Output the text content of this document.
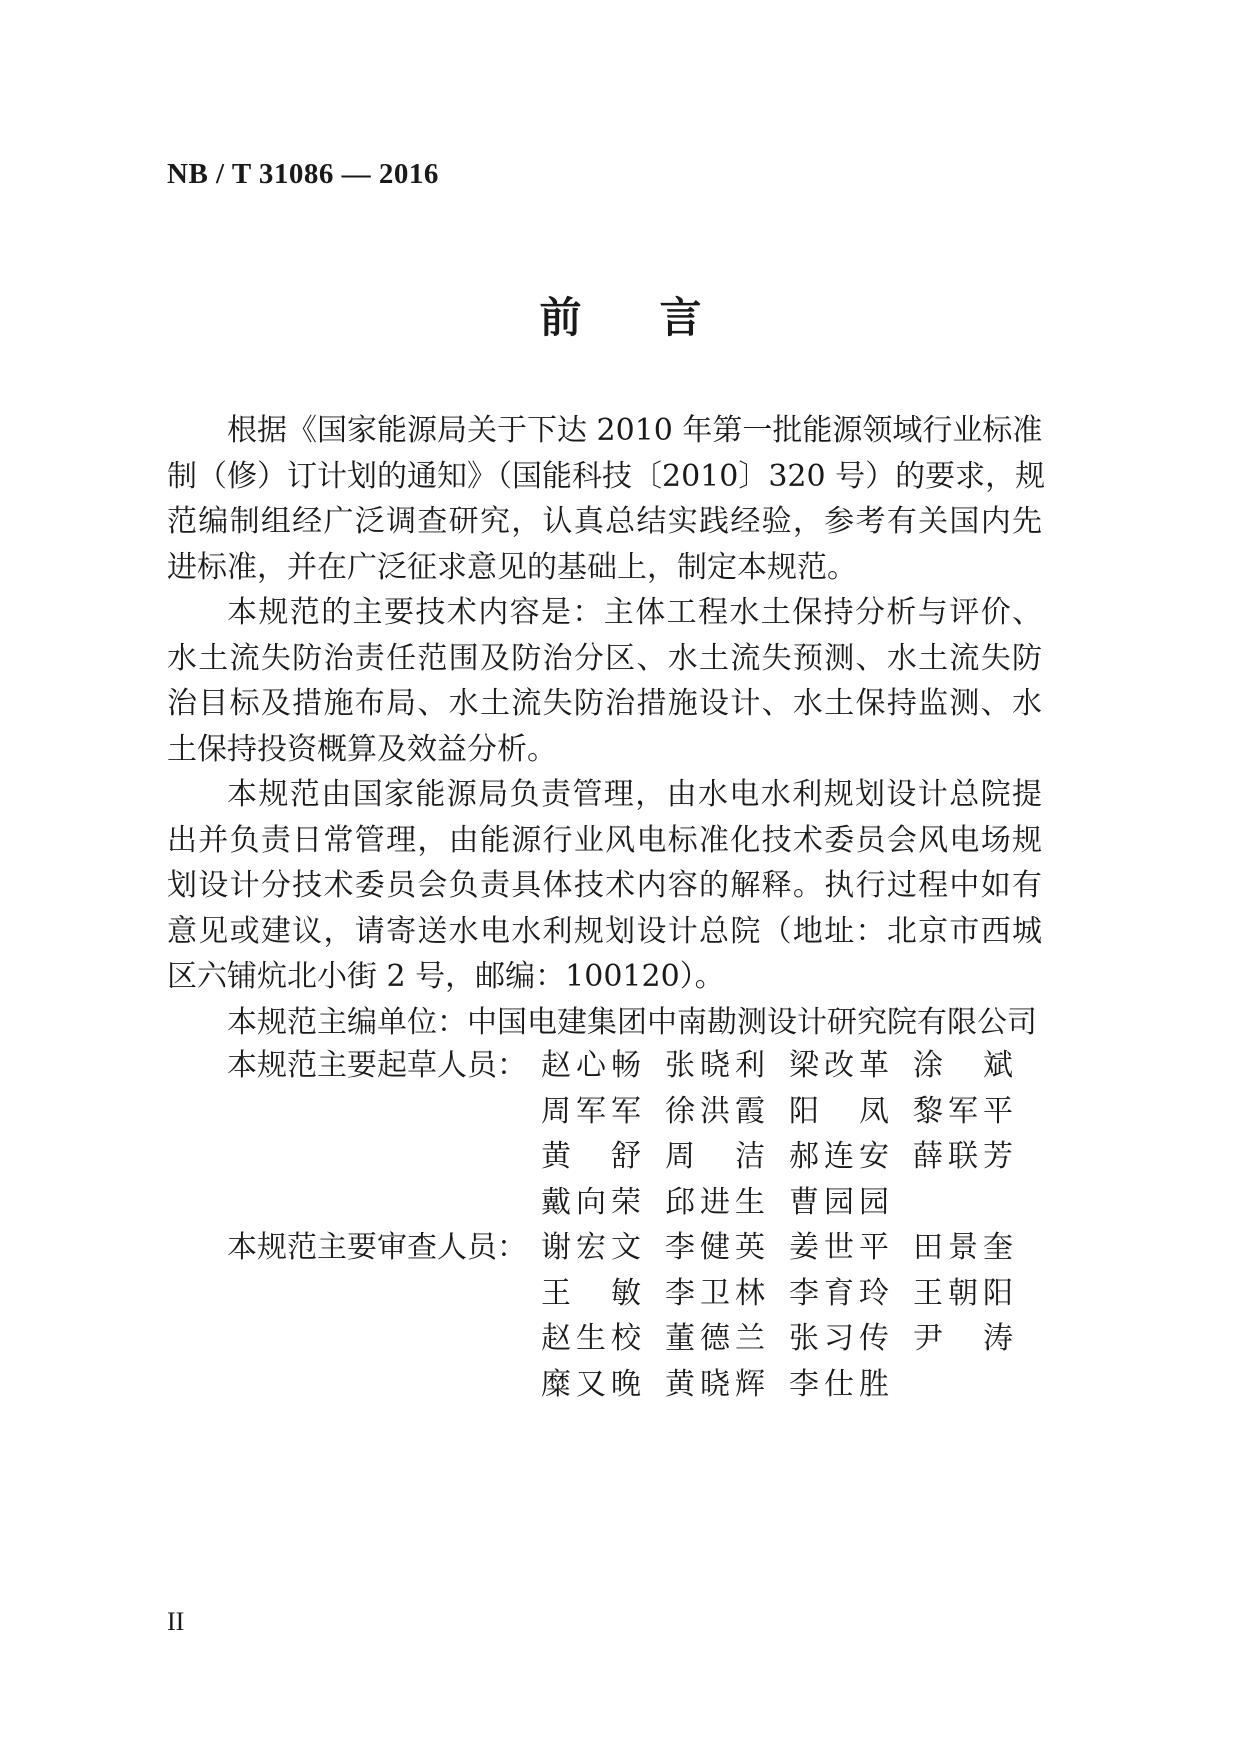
NB / T 31086 — 2016
前言
根据《国家能源局关于下达 2010 年第一批能源领域行业标准
制（修）订计划的通知》（国能科技〔2010〕320 号）的要求，规
范编制组经广泛调查研究，认真总结实践经验，参考有关国内先
进标准，并在广泛征求意见的基础上，制定本规范。
本规范的主要技术内容是：主体工程水土保持分析与评价、
水土流失防治责任范围及防治分区、水土流失预测、水土流失防
治目标及措施布局、水土流失防治措施设计、水土保持监测、水
土保持投资概算及效益分析。
本规范由国家能源局负责管理，由水电水利规划设计总院提
出并负责日常管理，由能源行业风电标准化技术委员会风电场规
划设计分技术委员会负责具体技术内容的解释。执行过程中如有
意见或建议，请寄送水电水利规划设计总院（地址：北京市西城
区六铺炕北小街 2 号，邮编：100120）。
本规范主编单位：中国电建集团中南勘测设计研究院有限公司
本规范主要起草人员： 赵心畅 张晓利 梁改革 涂斌
周军军 徐洪霞 阳凤 黎军平
黄舒 周洁 郝连安 薛联芳
戴向荣 邱进生 曹园园
本规范主要审查人员： 谢宏文 李健英 姜世平 田景奎
王敏 李卫林 李育玲 王朝阳
赵生校 董德兰 张习传 尹涛
糜又晚 黄晓辉 李仕胜
II
